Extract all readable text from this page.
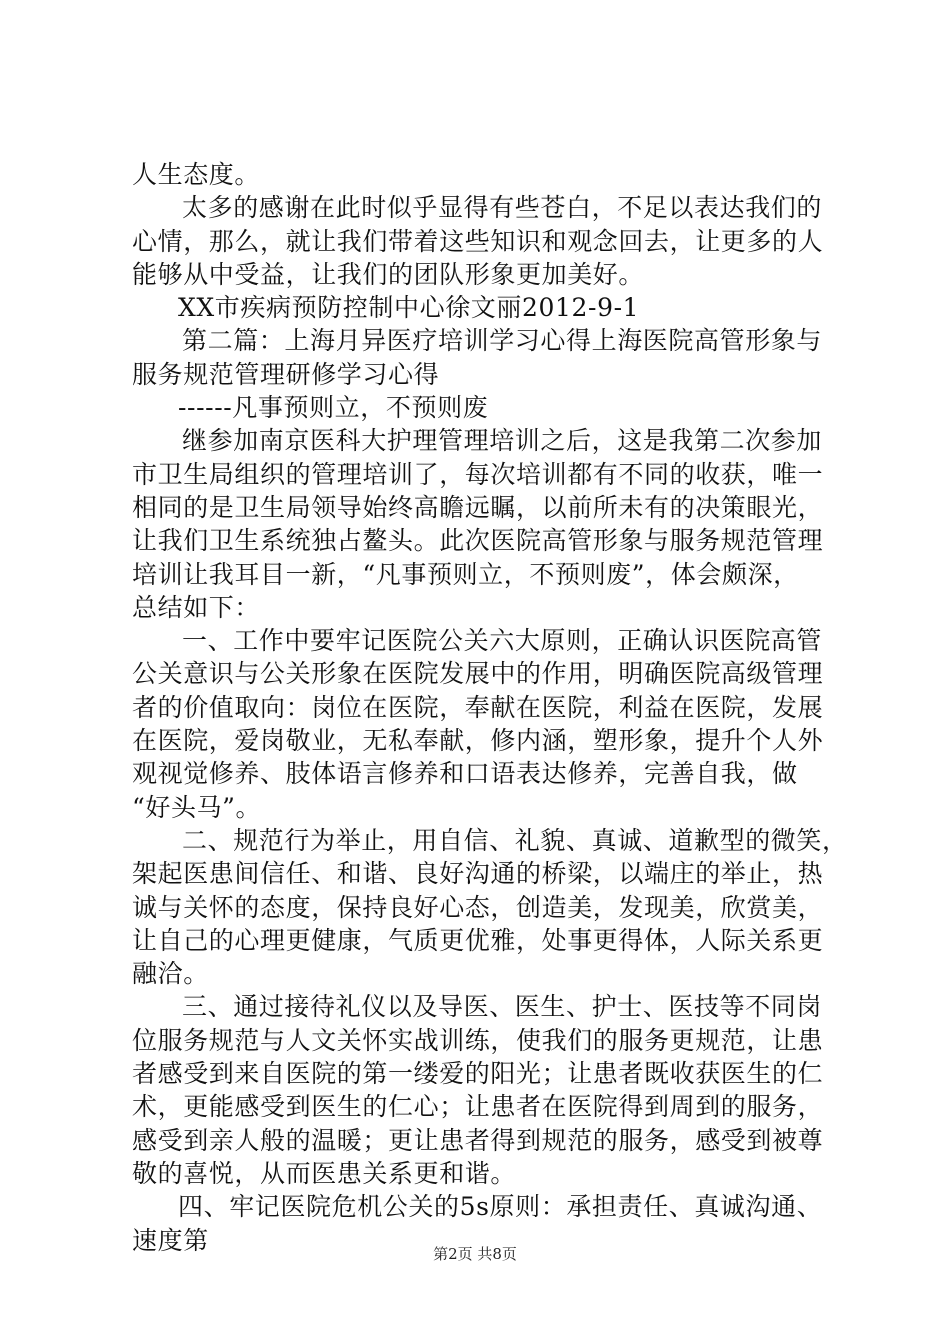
人生态度。
太多的感谢在此时似乎显得有些苍白，不足以表达我们的
心情，那么，就让我们带着这些知识和观念回去，让更多的人
能够从中受益，让我们的团队形象更加美好。
XX市疾病预防控制中心徐文丽2012-9-1
第二篇：上海月异医疗培训学习心得上海医院高管形象与
服务规范管理研修学习心得
------凡事预则立，不预则废
继参加南京医科大护理管理培训之后，这是我第二次参加
市卫生局组织的管理培训了，每次培训都有不同的收获，唯一
相同的是卫生局领导始终高瞻远瞩，以前所未有的决策眼光，
让我们卫生系统独占鳌头。此次医院高管形象与服务规范管理
培训让我耳目一新，“凡事预则立，不预则废”，体会颇深，
总结如下：
一、工作中要牢记医院公关六大原则，正确认识医院高管
公关意识与公关形象在医院发展中的作用，明确医院高级管理
者的价值取向：岗位在医院，奉献在医院，利益在医院，发展
在医院，爱岗敬业，无私奉献，修内涵，塑形象，提升个人外
观视觉修养、肢体语言修养和口语表达修养，完善自我，做
“好头马”。
二、规范行为举止，用自信、礼貌、真诚、道歉型的微笑，
架起医患间信任、和谐、良好沟通的桥梁，以端庄的举止，热
诚与关怀的态度，保持良好心态，创造美，发现美，欣赏美，
让自己的心理更健康，气质更优雅，处事更得体，人际关系更
融洽。
三、通过接待礼仪以及导医、医生、护士、医技等不同岗
位服务规范与人文关怀实战训练，使我们的服务更规范，让患
者感受到来自医院的第一缕爱的阳光；让患者既收获医生的仁
术，更能感受到医生的仁心；让患者在医院得到周到的服务，
感受到亲人般的温暖；更让患者得到规范的服务，感受到被尊
敬的喜悦，从而医患关系更和谐。
四、牢记医院危机公关的5s原则：承担责任、真诚沟通、
速度第	第2页 共8页
